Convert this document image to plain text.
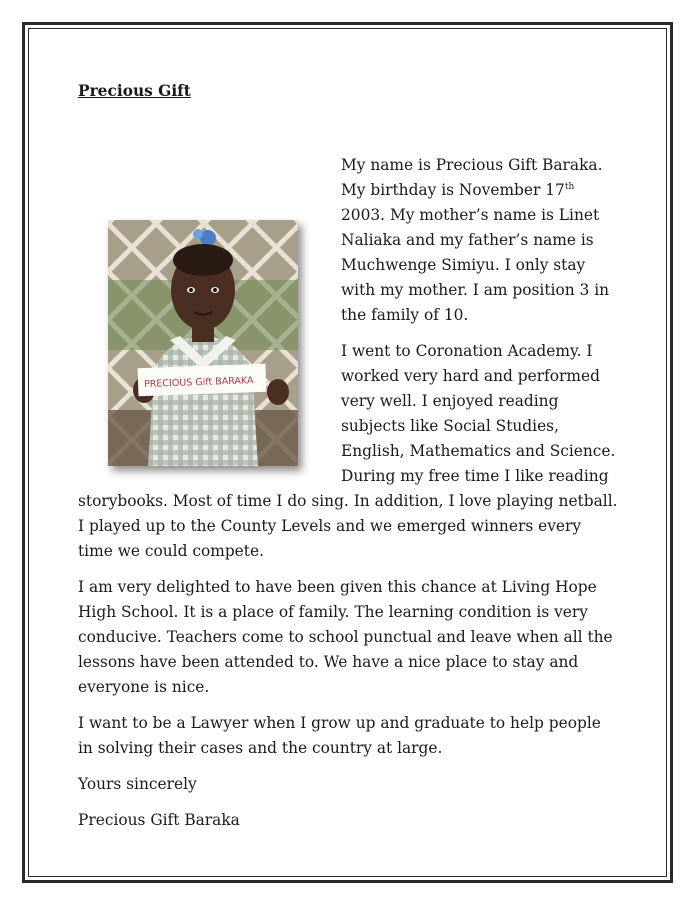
Precious Gift
PRECIOUS Gift BARAKA

My name is Precious Gift Baraka. My birthday is November 17th 2003. My mother’s name is Linet Naliaka and my father’s name is Muchwenge Simiyu. I only stay with my mother. I am position 3 in the family of 10.

I went to Coronation Academy. I worked very hard and performed very well. I enjoyed reading subjects like Social Studies, English, Mathematics and Science. During my free time I like reading storybooks. Most of time I do sing. In addition, I love playing netball. I played up to the County Levels and we emerged winners every time we could compete.

I am very delighted to have been given this chance at Living Hope High School. It is a place of family. The learning condition is very conducive. Teachers come to school punctual and leave when all the lessons have been attended to. We have a nice place to stay and everyone is nice.

I want to be a Lawyer when I grow up and graduate to help people in solving their cases and the country at large.

Yours sincerely

Precious Gift Baraka
